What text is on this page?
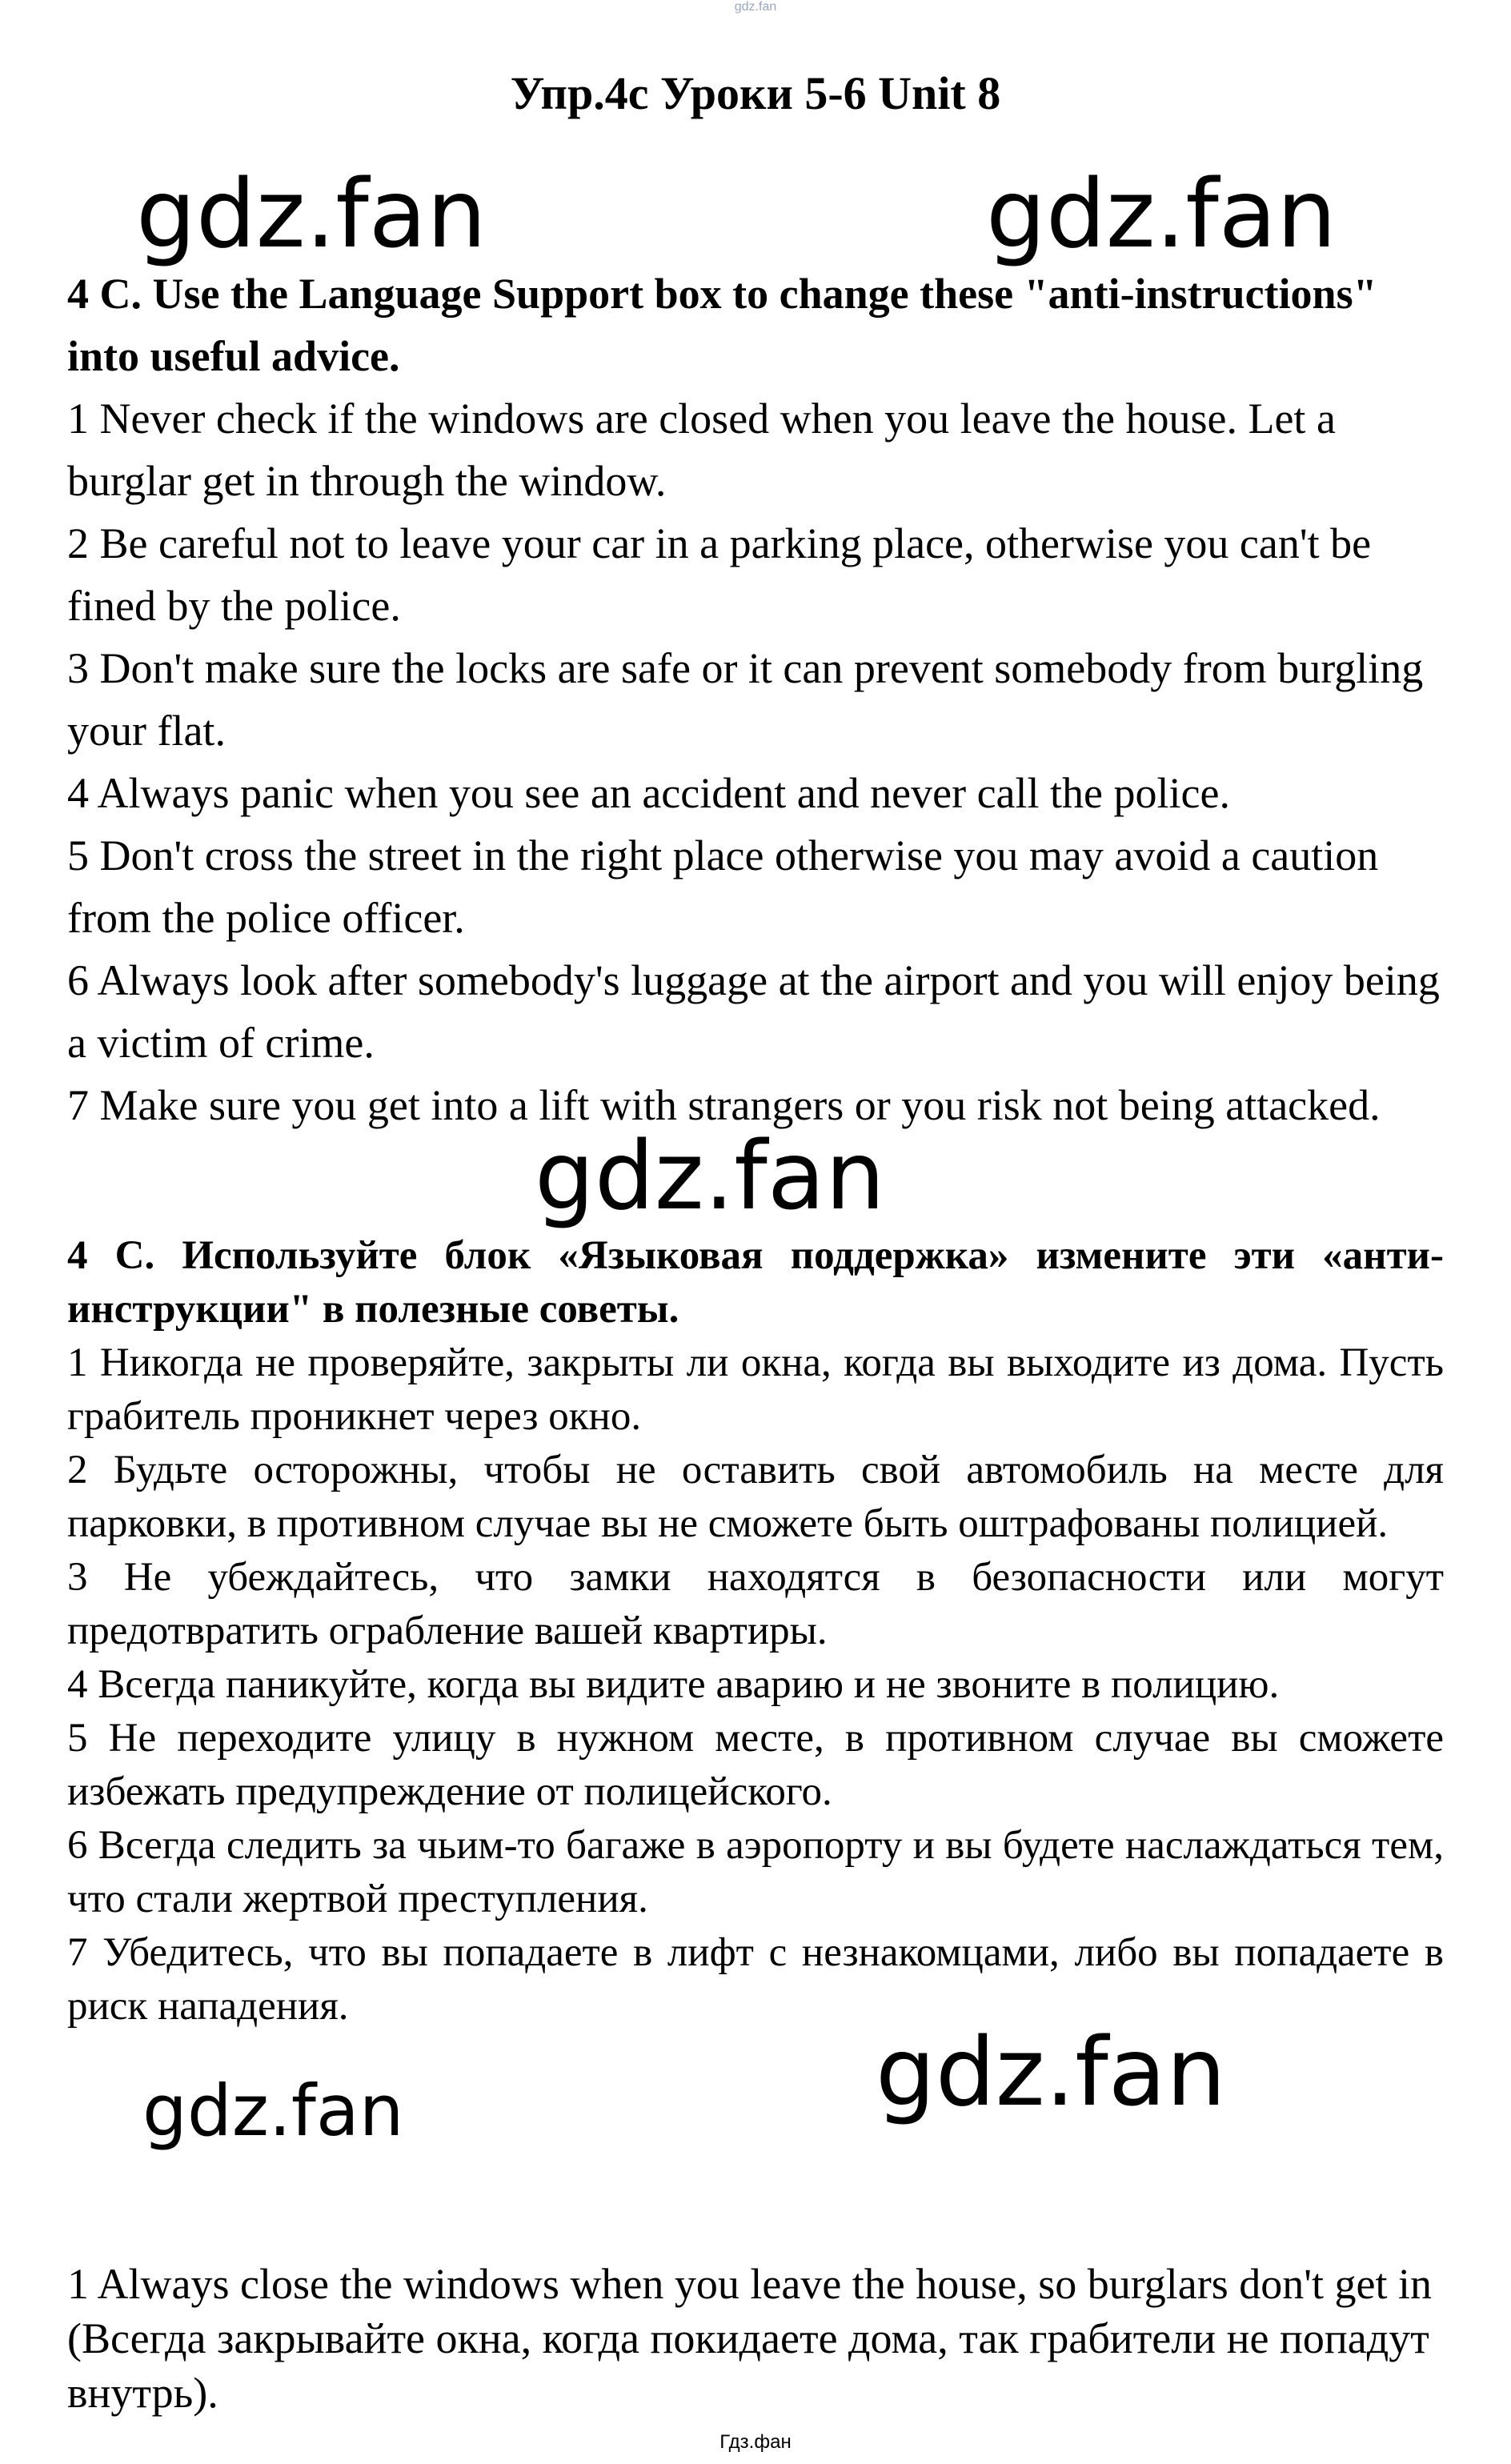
gdz.fan
Упр.4c Уроки 5-6 Unit 8
gdz.fan	gdz.fan

4 C. Use the Language Support box to change these "anti-instructions" into useful advice.

1 Never check if the windows are closed when you leave the house. Let a burglar get in through the window.

2 Be careful not to leave your car in a parking place, otherwise you can't be fined by the police.

3 Don't make sure the locks are safe or it can prevent somebody from burgling your flat.

4 Always panic when you see an accident and never call the police.

5 Don't cross the street in the right place otherwise you may avoid a caution from the police officer.

6 Always look after somebody's luggage at the airport and you will enjoy being a victim of crime.

7 Make sure you get into a lift with strangers or you risk not being attacked.

gdz.fan

4 С. Используйте блок «Языковая поддержка» измените эти «анти-инструкции" в полезные советы.

1 Никогда не проверяйте, закрыты ли окна, когда вы выходите из дома. Пусть грабитель проникнет через окно.

2 Будьте осторожны, чтобы не оставить свой автомобиль на месте для парковки, в противном случае вы не сможете быть оштрафованы полицией.

3 Не убеждайтесь, что замки находятся в безопасности или могут предотвратить ограбление вашей квартиры.

4 Всегда паникуйте, когда вы видите аварию и не звоните в полицию.

5 Не переходите улицу в нужном месте, в противном случае вы сможете избежать предупреждение от полицейского.

6 Всегда следить за чьим-то багаже в аэропорту и вы будете наслаждаться тем, что стали жертвой преступления.

7 Убедитесь, что вы попадаете в лифт с незнакомцами, либо вы попадаете в риск нападения.

gdz.fan
gdz.fan

1 Always close the windows when you leave the house, so burglars don't get in (Всегда закрывайте окна, когда покидаете дома, так грабители не попадут внутрь).

Гдз.фан
